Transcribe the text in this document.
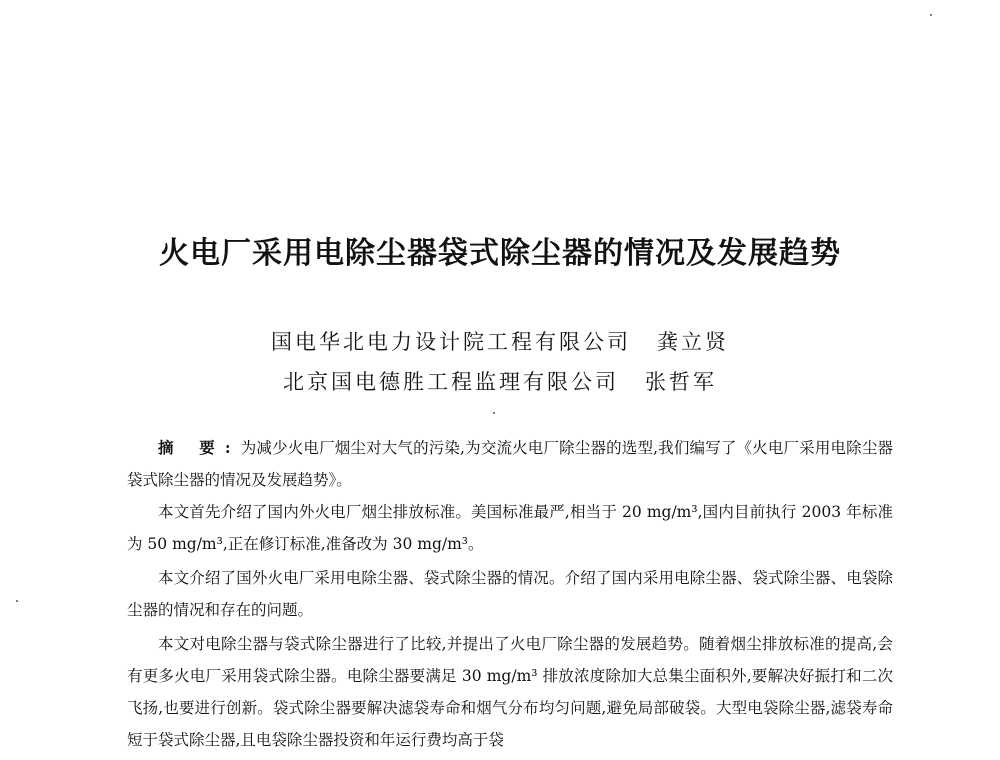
火电厂采用电除尘器袋式除尘器的情况及发展趋势
国电华北电力设计院工程有限公司 龚立贤
北京国电德胜工程监理有限公司 张哲军

摘 要:为减少火电厂烟尘对大气的污染,为交流火电厂除尘器的选型,我们编写了《火电厂采用电除尘器袋式除尘器的情况及发展趋势》。

本文首先介绍了国内外火电厂烟尘排放标准。美国标准最严,相当于 20 mg/m³,国内目前执行 2003 年标准为 50 mg/m³,正在修订标准,准备改为 30 mg/m³。

本文介绍了国外火电厂采用电除尘器、袋式除尘器的情况。介绍了国内采用电除尘器、袋式除尘器、电袋除尘器的情况和存在的问题。

本文对电除尘器与袋式除尘器进行了比较,并提出了火电厂除尘器的发展趋势。随着烟尘排放标准的提高,会有更多火电厂采用袋式除尘器。电除尘器要满足 30 mg/m³ 排放浓度除加大总集尘面积外,要解决好振打和二次飞扬,也要进行创新。袋式除尘器要解决滤袋寿命和烟气分布均匀问题,避免局部破袋。大型电袋除尘器,滤袋寿命短于袋式除尘器,且电袋除尘器投资和年运行费均高于袋
